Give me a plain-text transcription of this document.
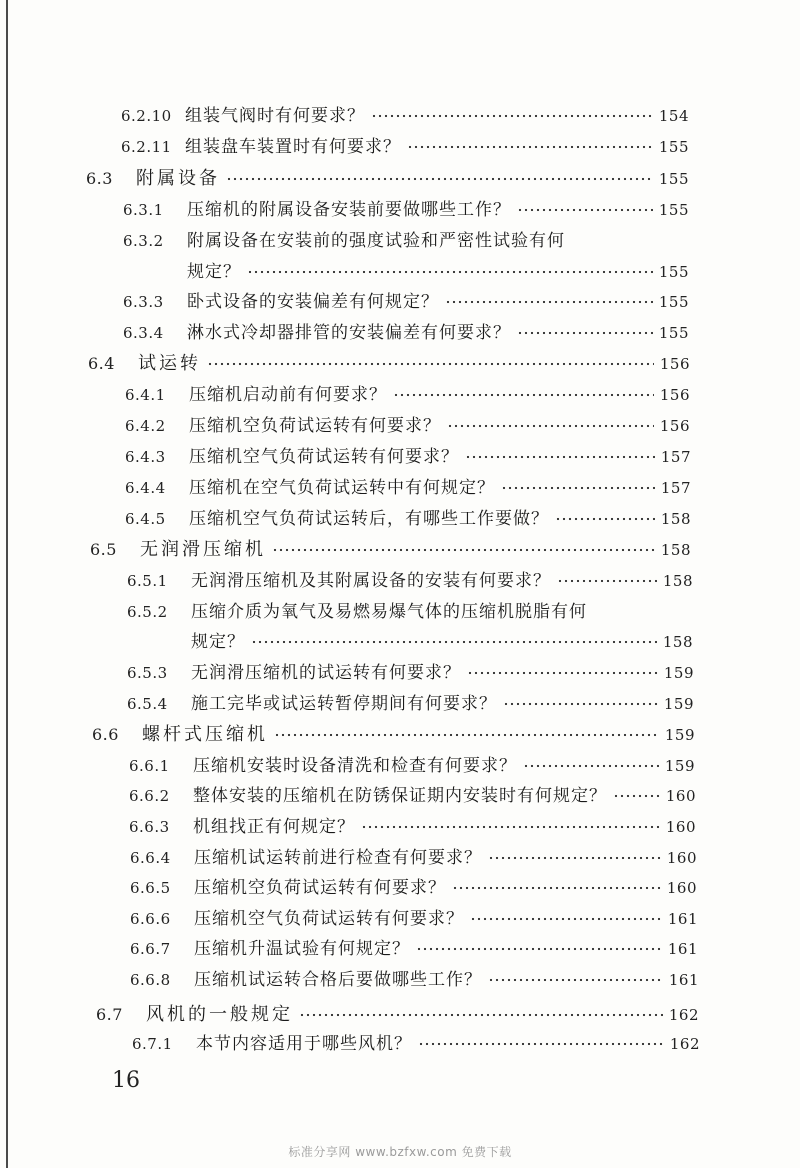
6.2.10 组装气阀时有何要求？	154
6.2.11 组装盘车装置时有何要求？	155
6.3	附属设备	155
6.3.1	压缩机的附属设备安装前要做哪些工作？	155
6.3.2	附属设备在安装前的强度试验和严密性试验有何
规定？	155
6.3.3	卧式设备的安装偏差有何规定？	155
6.3.4	淋水式冷却器排管的安装偏差有何要求？	155
6.4	试运转	156
6.4.1	压缩机启动前有何要求？	156
6.4.2	压缩机空负荷试运转有何要求？	156
6.4.3	压缩机空气负荷试运转有何要求？	157
6.4.4	压缩机在空气负荷试运转中有何规定？	157
6.4.5	压缩机空气负荷试运转后，有哪些工作要做？	158
6.5	无润滑压缩机	158
6.5.1	无润滑压缩机及其附属设备的安装有何要求？	158
6.5.2	压缩介质为氧气及易燃易爆气体的压缩机脱脂有何
规定？	158
6.5.3	无润滑压缩机的试运转有何要求？	159
6.5.4	施工完毕或试运转暂停期间有何要求？	159
6.6	螺杆式压缩机	159
6.6.1	压缩机安装时设备清洗和检查有何要求？	159
6.6.2	整体安装的压缩机在防锈保证期内安装时有何规定？	160
6.6.3	机组找正有何规定？	160
6.6.4	压缩机试运转前进行检查有何要求？	160
6.6.5	压缩机空负荷试运转有何要求？	160
6.6.6	压缩机空气负荷试运转有何要求？	161
6.6.7	压缩机升温试验有何规定？	161
6.6.8	压缩机试运转合格后要做哪些工作？	161
6.7	风机的一般规定	162
6.7.1	本节内容适用于哪些风机？	162
16
标准分享网 www.bzfxw.com 免费下载
